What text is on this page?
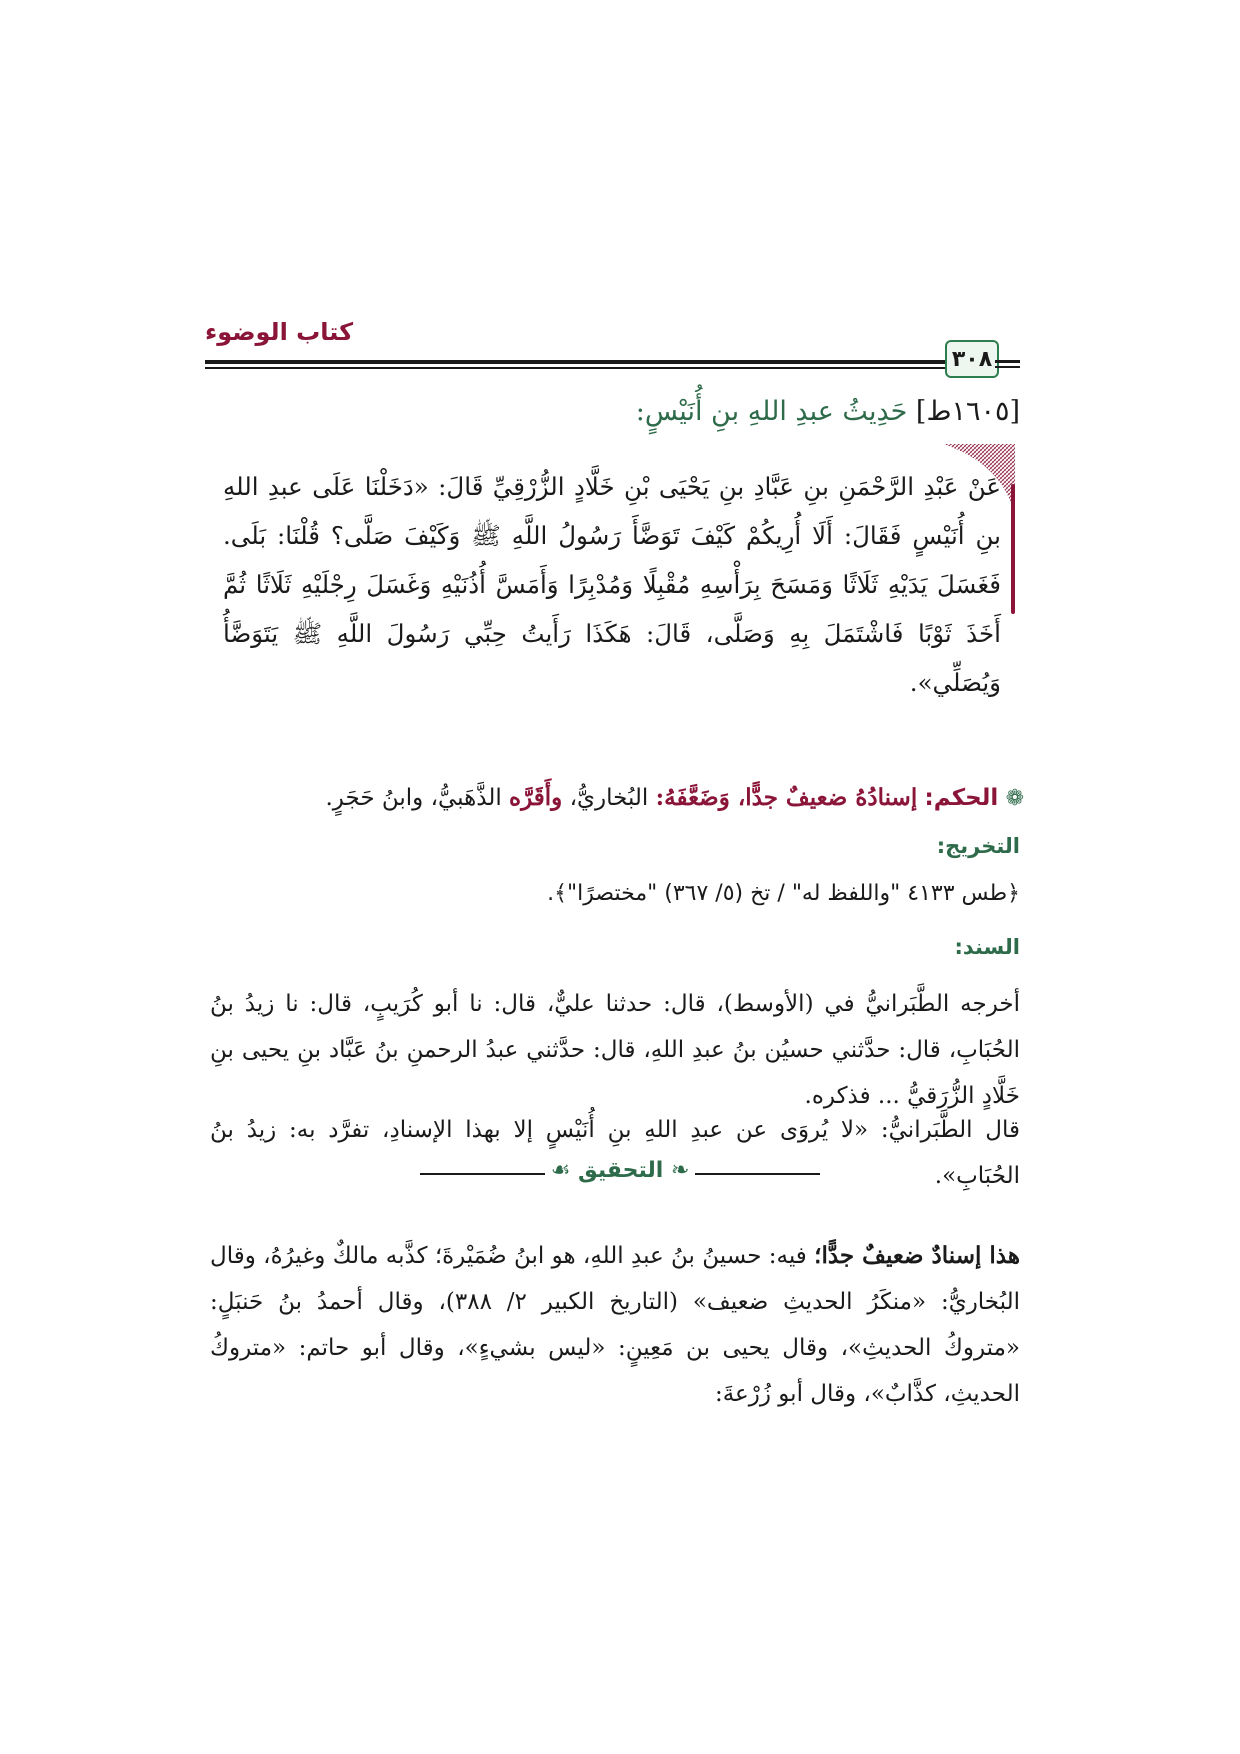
كتاب الوضوء
٣٠٨
[١٦٠٥ط] حَدِيثُ عبدِ اللهِ بنِ أُنَيْسٍ:
عَنْ عَبْدِ الرَّحْمَنِ بنِ عَبَّادِ بنِ يَحْيَى بْنِ خَلَّادٍ الزُّرْقِيِّ قَالَ: «دَخَلْنَا عَلَى عبدِ اللهِ بنِ أُنَيْسٍ فَقَالَ: أَلَا أُرِيكُمْ كَيْفَ تَوَضَّأَ رَسُولُ اللَّهِ ﷺ وَكَيْفَ صَلَّى؟ قُلْنَا: بَلَى. فَغَسَلَ يَدَيْهِ ثَلَاثًا وَمَسَحَ بِرَأْسِهِ مُقْبِلًا وَمُدْبِرًا وَأَمَسَّ أُذُنَيْهِ وَغَسَلَ رِجْلَيْهِ ثَلَاثًا ثُمَّ أَخَذَ ثَوْبًا فَاشْتَمَلَ بِهِ وَصَلَّى، قَالَ: هَكَذَا رَأَيتُ حِبِّي رَسُولَ اللَّهِ ﷺ يَتَوَضَّأُ وَيُصَلِّي».
❁ الحكم: إسنادُهُ ضعيفٌ جدًّا، وَضَعَّفَهُ: البُخاريُّ، وأَقَرَّه الذَّهَبيُّ، وابنُ حَجَرٍ.
التخريج:
﴿طس ٤١٣٣ "واللفظ له" / تخ (٥/ ٣٦٧) "مختصرًا"﴾.
السند:
أخرجه الطَّبَرانيُّ في (الأوسط)، قال: حدثنا عليٌّ، قال: نا أبو كُرَيبٍ، قال: نا زيدُ بنُ الحُبَابِ، قال: حدَّثني حسيُن بنُ عبدِ اللهِ، قال: حدَّثني عبدُ الرحمنِ بنُ عَبَّاد بنِ يحيى بنِ خَلَّادٍ الزُّرَقيُّ ... فذكره.
قال الطَّبَرانيُّ: «لا يُروَى عن عبدِ اللهِ بنِ أُنَيْسٍ إلا بهذا الإسنادِ، تفرَّد به: زيدُ بنُ الحُبَابِ».
❧ التحقيق ☙
هذا إسنادٌ ضعيفٌ جدًّا؛ فيه: حسينُ بنُ عبدِ اللهِ، هو ابنُ ضُمَيْرةَ؛ كذَّبه مالكٌ وغيرُهُ، وقال البُخاريُّ: «منكَرُ الحديثِ ضعيف» (التاريخ الكبير ٢/ ٣٨٨)، وقال أحمدُ بنُ حَنبَلٍ: «متروكُ الحديثِ»، وقال يحيى بن مَعِينٍ: «ليس بشيءٍ»، وقال أبو حاتم: «متروكُ الحديثِ، كذَّابٌ»، وقال أبو زُرْعةَ:
